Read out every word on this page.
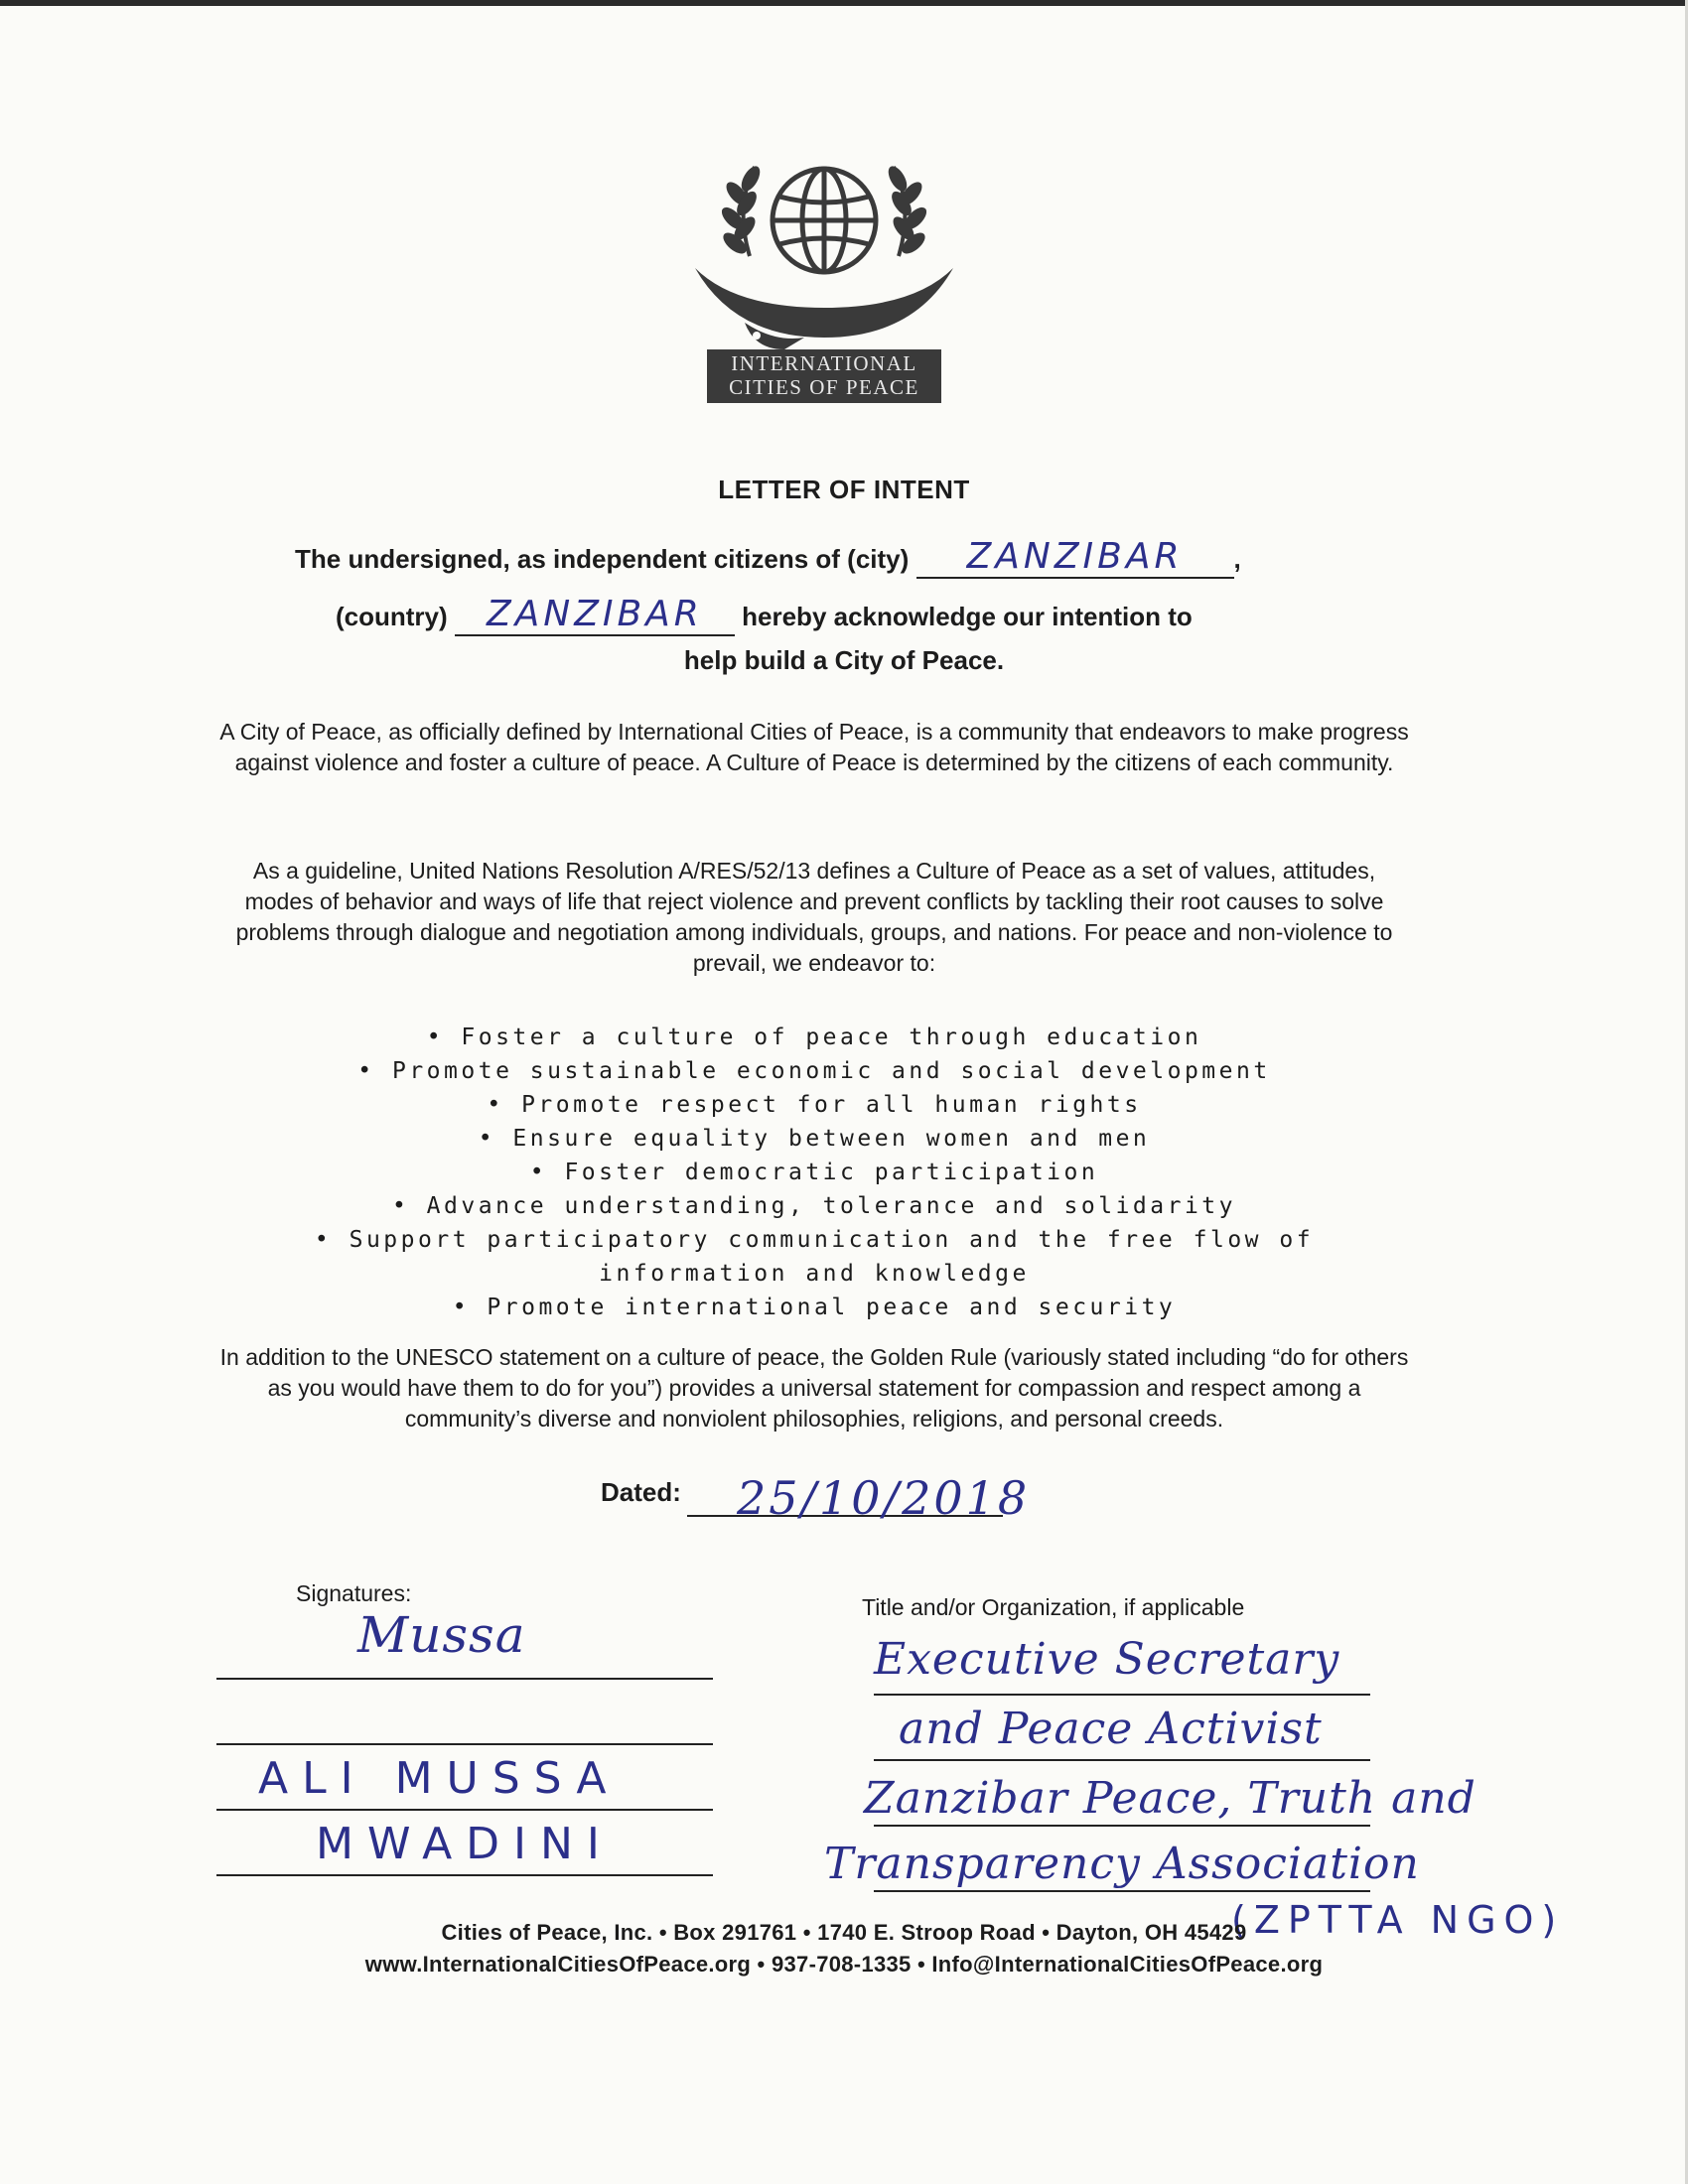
INTERNATIONAL
CITIES OF PEACE
LETTER OF INTENT
The undersigned, as independent citizens of (city) ZANZIBAR ,
(country) ZANZIBAR hereby acknowledge our intention to
help build a City of Peace.
A City of Peace, as officially defined by International Cities of Peace, is a community that endeavors to make progress against violence and foster a culture of peace. A Culture of Peace is determined by the citizens of each community.
As a guideline, United Nations Resolution A/RES/52/13 defines a Culture of Peace as a set of values, attitudes, modes of behavior and ways of life that reject violence and prevent conflicts by tackling their root causes to solve problems through dialogue and negotiation among individuals, groups, and nations. For peace and non-violence to prevail, we endeavor to:
• Foster a culture of peace through education
• Promote sustainable economic and social development
• Promote respect for all human rights
• Ensure equality between women and men
• Foster democratic participation
• Advance understanding, tolerance and solidarity
• Support participatory communication and the free flow of information and knowledge
• Promote international peace and security
In addition to the UNESCO statement on a culture of peace, the Golden Rule (variously stated including “do for others as you would have them to do for you”) provides a universal statement for compassion and respect among a community’s diverse and nonviolent philosophies, religions, and personal creeds.
Dated: 25/10/2018
Signatures:
Mussa
ALI MUSSA
MWADINI
Title and/or Organization, if applicable
Executive Secretary
and Peace Activist
Zanzibar Peace, Truth and
Transparency Association
(ZPTTA NGO)
Cities of Peace, Inc. • Box 291761 • 1740 E. Stroop Road • Dayton, OH 45429
www.InternationalCitiesOfPeace.org • 937-708-1335 • Info@InternationalCitiesOfPeace.org
